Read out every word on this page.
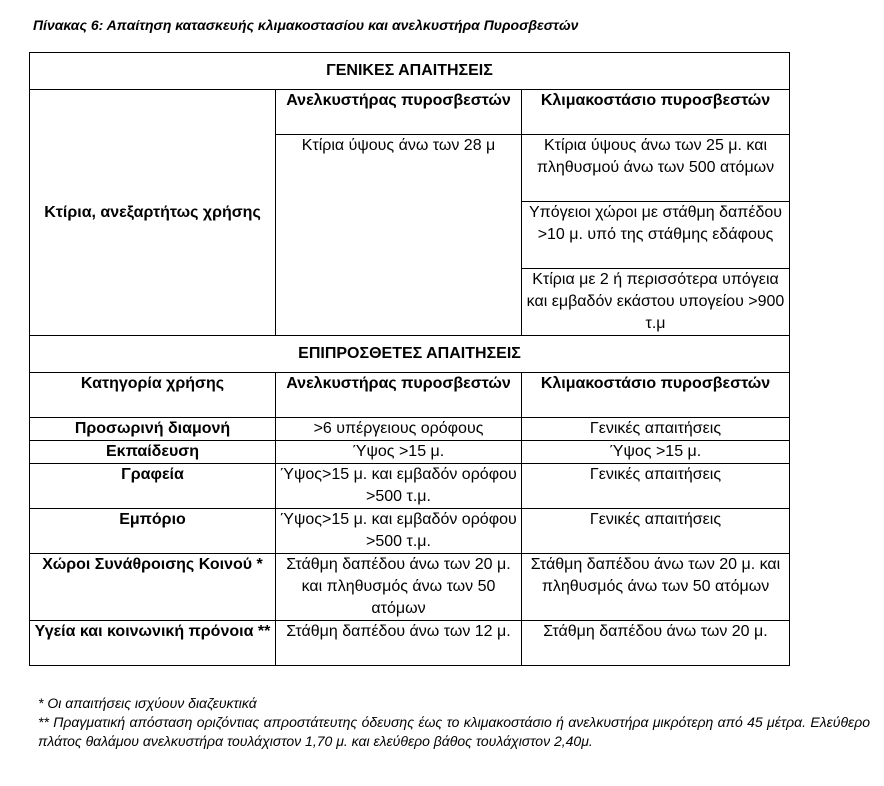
Πίνακας 6: Απαίτηση κατασκευής κλιμακοστασίου και ανελκυστήρα Πυροσβεστών
ΓΕΝΙΚΕΣ ΑΠΑΙΤΗΣΕΙΣ		
Κτίρια, ανεξαρτήτως χρήσης	Ανελκυστήρας πυροσβεστών	Κλιμακοστάσιο πυροσβεστών
	Κτίρια ύψους άνω των 28 μ	Κτίρια ύψους άνω των 25 μ. και πληθυσμού άνω των 500 ατόμων
		Υπόγειοι χώροι με στάθμη δαπέδου >10 μ. υπό της στάθμης εδάφους
		Κτίρια με 2 ή περισσότερα υπόγεια και εμβαδόν εκάστου υπογείου >900 τ.μ
ΕΠΙΠΡΟΣΘΕΤΕΣ ΑΠΑΙΤΗΣΕΙΣ		
Κατηγορία χρήσης	Ανελκυστήρας πυροσβεστών	Κλιμακοστάσιο πυροσβεστών
Προσωρινή διαμονή	>6 υπέργειους ορόφους	Γενικές απαιτήσεις
Εκπαίδευση	Ύψος >15 μ.	Ύψος >15 μ.
Γραφεία	Ύψος>15 μ. και εμβαδόν ορόφου >500 τ.μ.	Γενικές απαιτήσεις
Εμπόριο	Ύψος>15 μ. και εμβαδόν ορόφου >500 τ.μ.	Γενικές απαιτήσεις
Χώροι Συνάθροισης Κοινού *	Στάθμη δαπέδου άνω των 20 μ. και πληθυσμός άνω των 50 ατόμων	Στάθμη δαπέδου άνω των 20 μ. και πληθυσμός άνω των 50 ατόμων
Υγεία και κοινωνική πρόνοια **	Στάθμη δαπέδου άνω των 12 μ.	Στάθμη δαπέδου άνω των 20 μ.

* Οι απαιτήσεις ισχύουν διαζευκτικά

** Πραγματική απόσταση οριζόντιας απροστάτευτης όδευσης έως το κλιμακοστάσιο ή ανελκυστήρα μικρότερη από 45 μέτρα. Ελεύθερο πλάτος θαλάμου ανελκυστήρα τουλάχιστον 1,70 μ. και ελεύθερο βάθος τουλάχιστον 2,40μ.
